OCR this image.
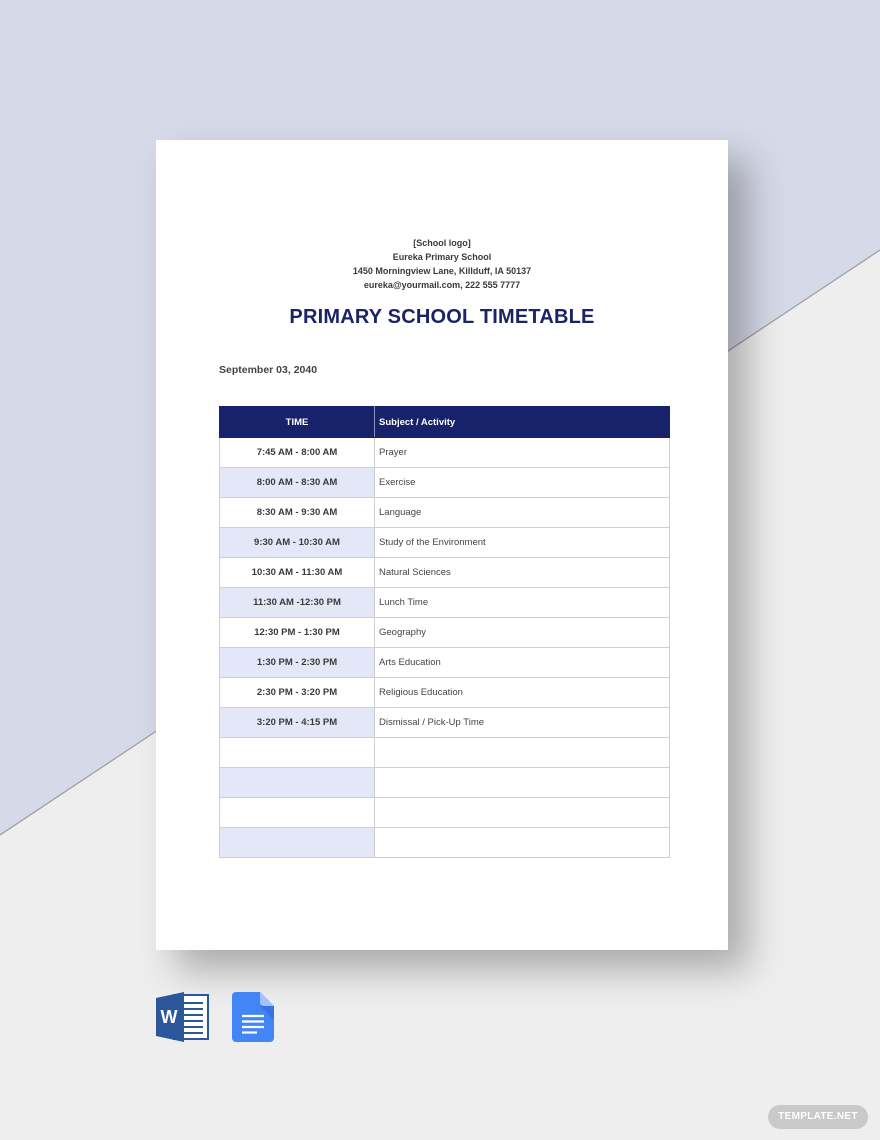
[School logo]
Eureka Primary School
1450 Morningview Lane, Killduff, IA 50137
eureka@yourmail.com, 222 555 7777
PRIMARY SCHOOL TIMETABLE
September 03, 2040
TIME	Subject / Activity
7:45 AM - 8:00 AM	Prayer
8:00 AM - 8:30 AM	Exercise
8:30 AM - 9:30 AM	Language
9:30 AM - 10:30 AM	Study of the Environment
10:30 AM - 11:30 AM	Natural Sciences
11:30 AM -12:30 PM	Lunch Time
12:30 PM - 1:30 PM	Geography
1:30 PM - 2:30 PM	Arts Education
2:30 PM - 3:20 PM	Religious Education
3:20 PM - 4:15 PM	Dismissal / Pick-Up Time

W
TEMPLATE.NET
